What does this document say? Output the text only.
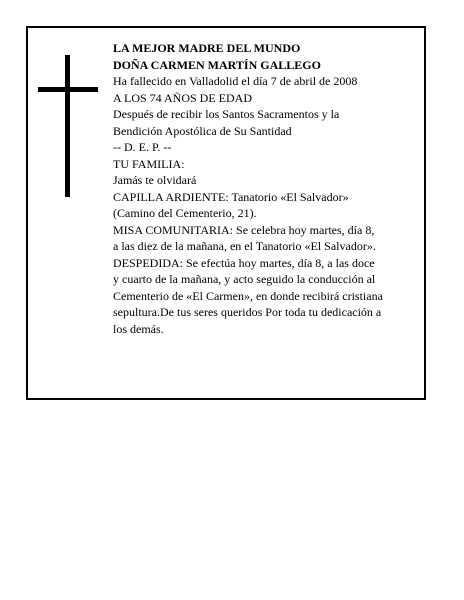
LA MEJOR MADRE DEL MUNDO
DOÑA CARMEN MARTÍN GALLEGO
Ha fallecido en Valladolid el día 7 de abril de 2008
A LOS 74 AÑOS DE EDAD
Después de recibir los Santos Sacramentos y la
Bendición Apostólica de Su Santidad
-- D. E. P. --
TU FAMILIA:
Jamás te olvidará
CAPILLA ARDIENTE: Tanatorio «El Salvador»
(Camino del Cementerio, 21).
MISA COMUNITARIA: Se celebra hoy martes, día 8,
a las diez de la mañana, en el Tanatorio «El Salvador».
DESPEDIDA: Se efectúa hoy martes, día 8, a las doce
y cuarto de la mañana, y acto seguido la conducción al
Cementerio de «El Carmen», en donde recibirá cristiana
sepultura.De tus seres queridos Por toda tu dedicación a
los demás.
